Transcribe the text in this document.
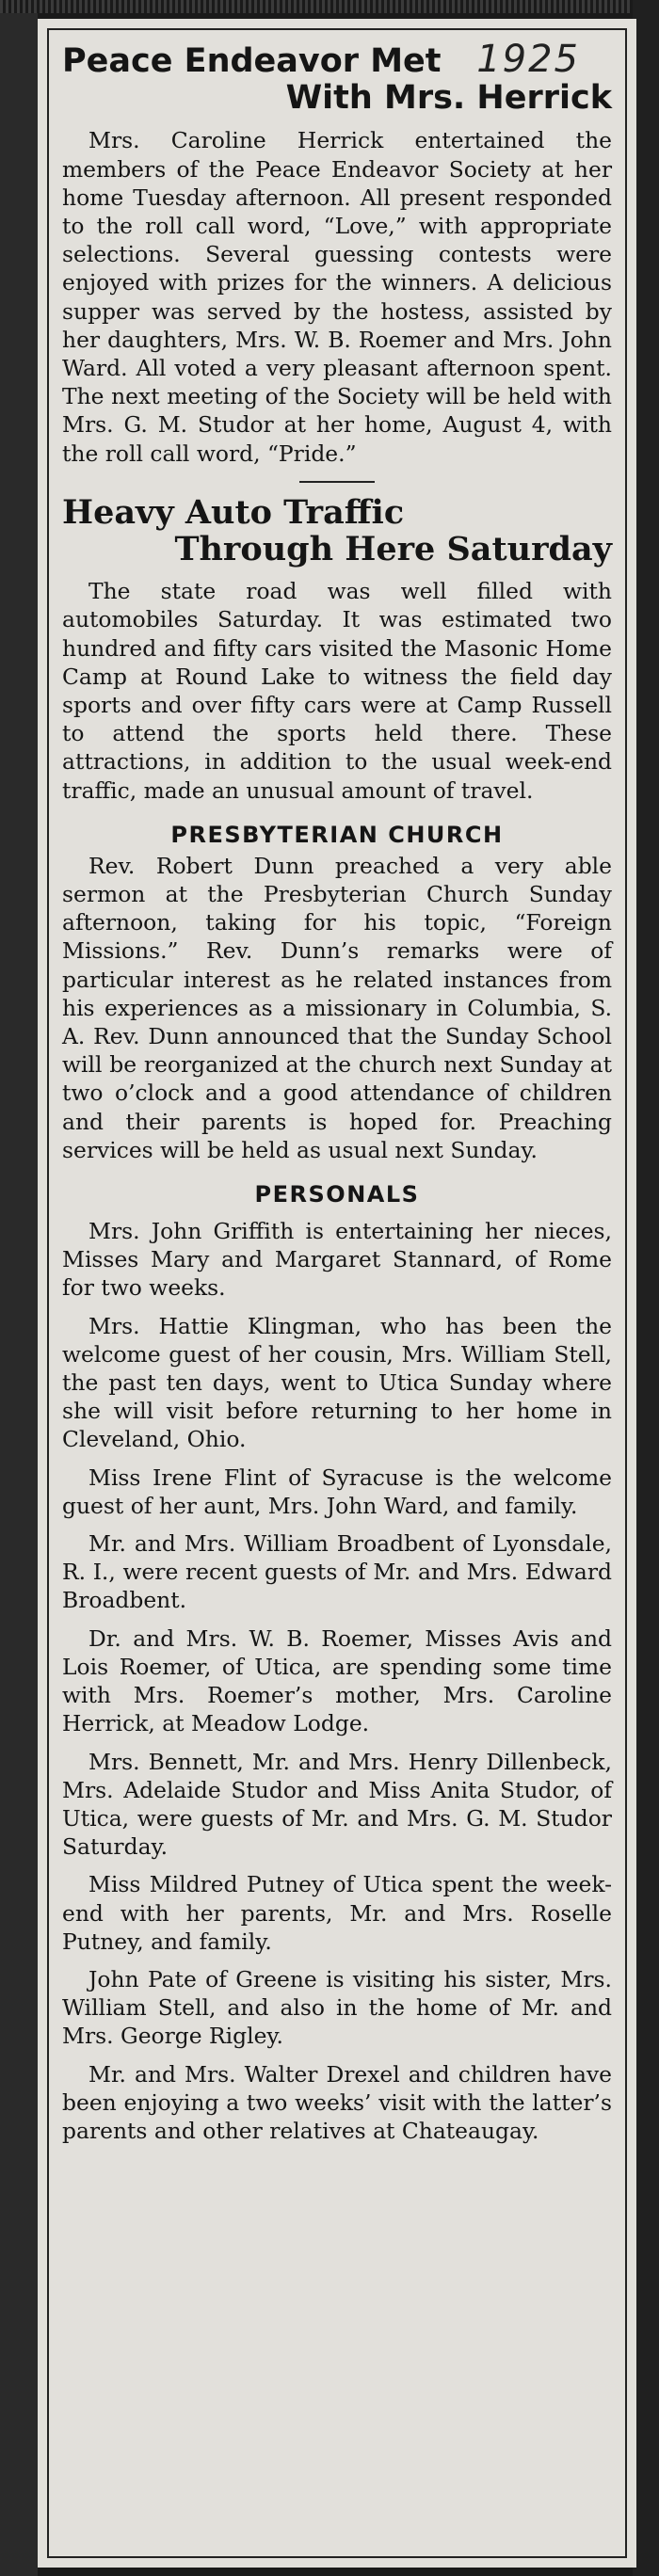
1925
Peace Endeavor Met
With Mrs. Herrick

Mrs. Caroline Herrick entertained the members of the Peace Endeavor Society at her home Tuesday afternoon. All present responded to the roll call word, “Love,” with appropriate selections. Several guessing contests were enjoyed with prizes for the winners. A delicious supper was served by the hostess, assisted by her daughters, Mrs. W. B. Roemer and Mrs. John Ward. All voted a very pleasant afternoon spent. The next meeting of the Society will be held with Mrs. G. M. Studor at her home, August 4, with the roll call word, “Pride.”

Heavy Auto Traffic
Through Here Saturday

The state road was well filled with automobiles Saturday. It was estimated two hundred and fifty cars visited the Masonic Home Camp at Round Lake to witness the field day sports and over fifty cars were at Camp Russell to attend the sports held there. These attractions, in addition to the usual week-end traffic, made an unusual amount of travel.

PRESBYTERIAN CHURCH

Rev. Robert Dunn preached a very able sermon at the Presbyterian Church Sunday afternoon, taking for his topic, “Foreign Missions.” Rev. Dunn’s remarks were of particular interest as he related instances from his experiences as a missionary in Columbia, S. A. Rev. Dunn announced that the Sunday School will be reorganized at the church next Sunday at two o’clock and a good attendance of children and their parents is hoped for. Preaching services will be held as usual next Sunday.

PERSONALS

Mrs. John Griffith is entertaining her nieces, Misses Mary and Margaret Stannard, of Rome for two weeks.

Mrs. Hattie Klingman, who has been the welcome guest of her cousin, Mrs. William Stell, the past ten days, went to Utica Sunday where she will visit before returning to her home in Cleveland, Ohio.

Miss Irene Flint of Syracuse is the welcome guest of her aunt, Mrs. John Ward, and family.

Mr. and Mrs. William Broadbent of Lyonsdale, R. I., were recent guests of Mr. and Mrs. Edward Broadbent.

Dr. and Mrs. W. B. Roemer, Misses Avis and Lois Roemer, of Utica, are spending some time with Mrs. Roemer’s mother, Mrs. Caroline Herrick, at Meadow Lodge.

Mrs. Bennett, Mr. and Mrs. Henry Dillenbeck, Mrs. Adelaide Studor and Miss Anita Studor, of Utica, were guests of Mr. and Mrs. G. M. Studor Saturday.

Miss Mildred Putney of Utica spent the week-end with her parents, Mr. and Mrs. Roselle Putney, and family.

John Pate of Greene is visiting his sister, Mrs. William Stell, and also in the home of Mr. and Mrs. George Rigley.

Mr. and Mrs. Walter Drexel and children have been enjoying a two weeks’ visit with the latter’s parents and other relatives at Chateaugay.
